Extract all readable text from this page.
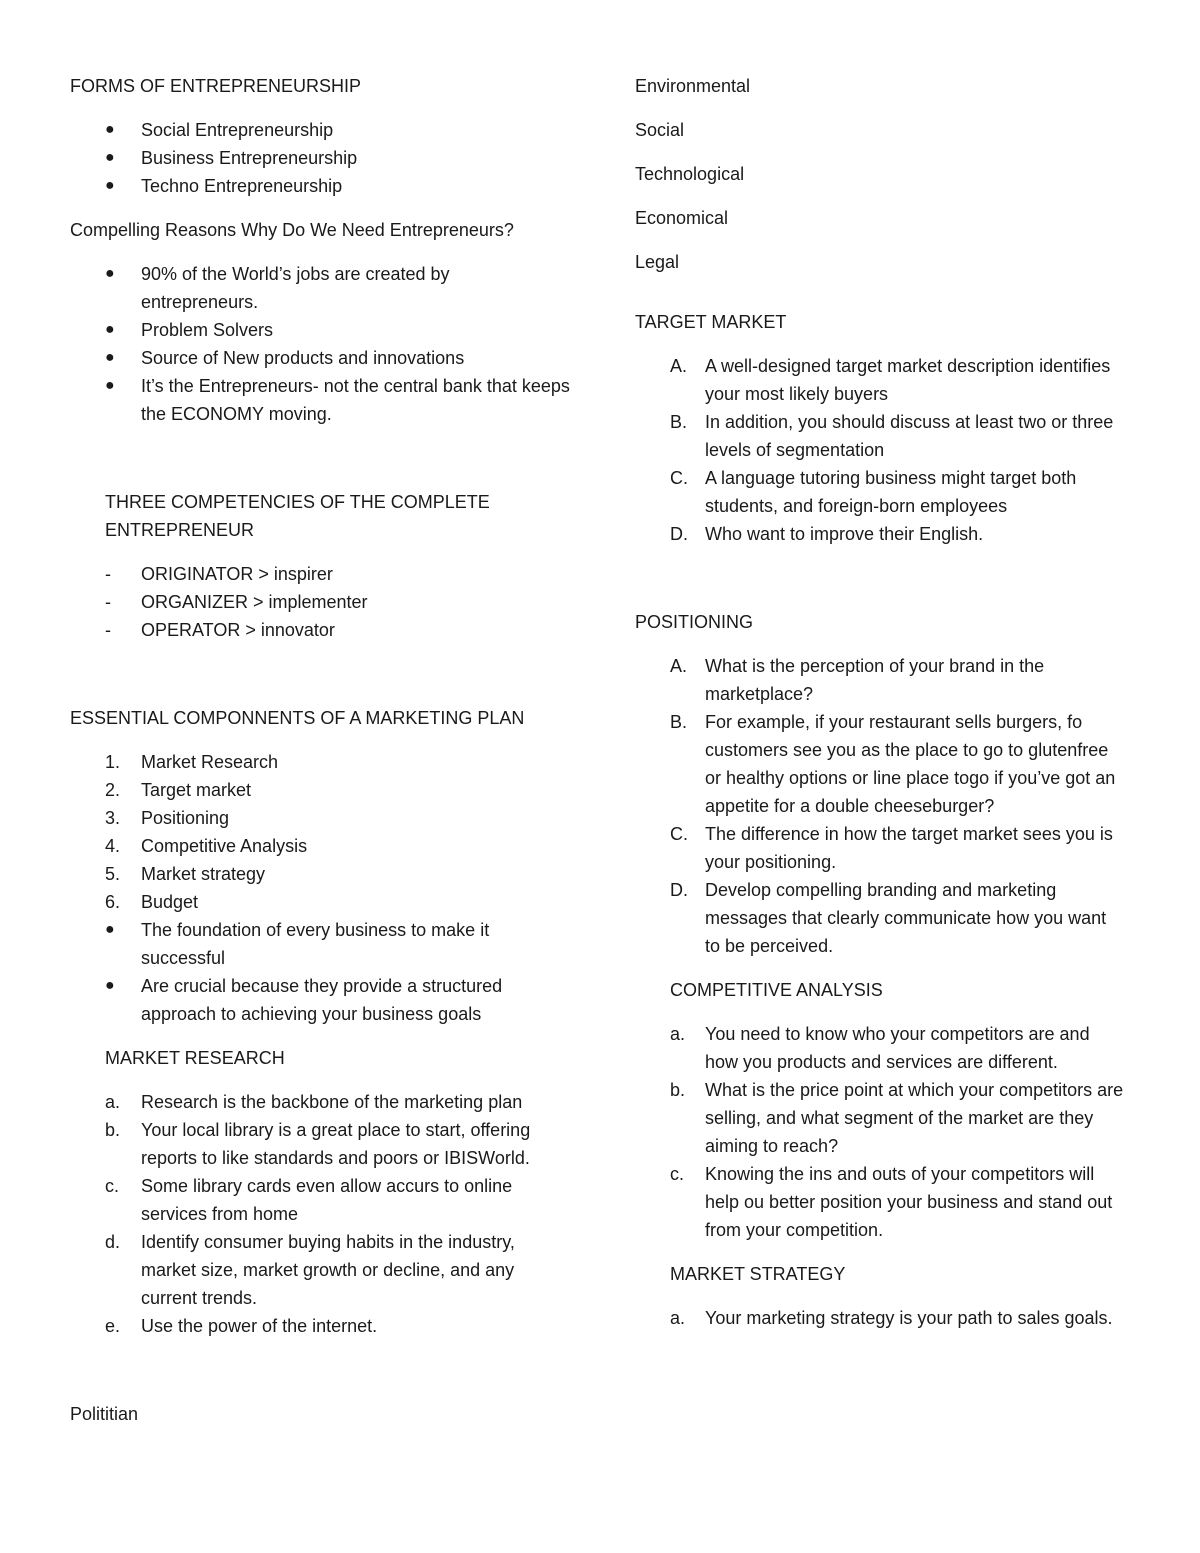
FORMS OF ENTREPRENEURSHIP

●	Social Entrepreneurship
●	Business Entrepreneurship
●	Techno Entrepreneurship

Compelling Reasons Why Do We Need Entrepreneurs?

●	90% of the World’s jobs are created by entrepreneurs.
●	Problem Solvers
●	Source of New products and innovations
●	It’s the Entrepreneurs- not the central bank that keeps the ECONOMY moving.

THREE COMPETENCIES OF THE COMPLETE ENTREPRENEUR

-	ORIGINATOR > inspirer
-	ORGANIZER > implementer
-	OPERATOR > innovator

ESSENTIAL COMPONNENTS OF A MARKETING PLAN

1.	Market Research
2.	Target market
3.	Positioning
4.	Competitive Analysis
5.	Market strategy
6.	Budget
●	The foundation of every business to make it successful
●	Are crucial because they provide a structured approach to achieving your business goals

MARKET RESEARCH

a.	Research is the backbone of the marketing plan
b.	Your local library is a great place to start, offering reports to like standards and poors or IBISWorld.
c.	Some library cards even allow accurs to online services from home
d.	Identify consumer buying habits in the industry, market size, market growth or decline, and any current trends.
e.	Use the power of the internet.

Polititian

Environmental

Social

Technological

Economical

Legal

TARGET MARKET

A. A well-designed target market description identifies your most likely buyers
B. In addition, you should discuss at least two or three levels of segmentation
C. A language tutoring business might target both students, and foreign-born employees
D. Who want to improve their English.

POSITIONING

A. What is the perception of your brand in the marketplace?
B. For example, if your restaurant sells burgers, fo customers see you as the place to go to glutenfree or healthy options or line place togo if you’ve got an appetite for a double cheeseburger?
C. The difference in how the target market sees you is your positioning.
D. Develop compelling branding and marketing messages that clearly communicate how you want to be perceived.

COMPETITIVE ANALYSIS

a.	You need to know who your competitors are and how you products and services are different.
b.	What is the price point at which your competitors are selling, and what segment of the market are they aiming to reach?
c.	Knowing the ins and outs of your competitors will help ou better position your business and stand out from your competition.

MARKET STRATEGY

a.	Your marketing strategy is your path to sales goals.
